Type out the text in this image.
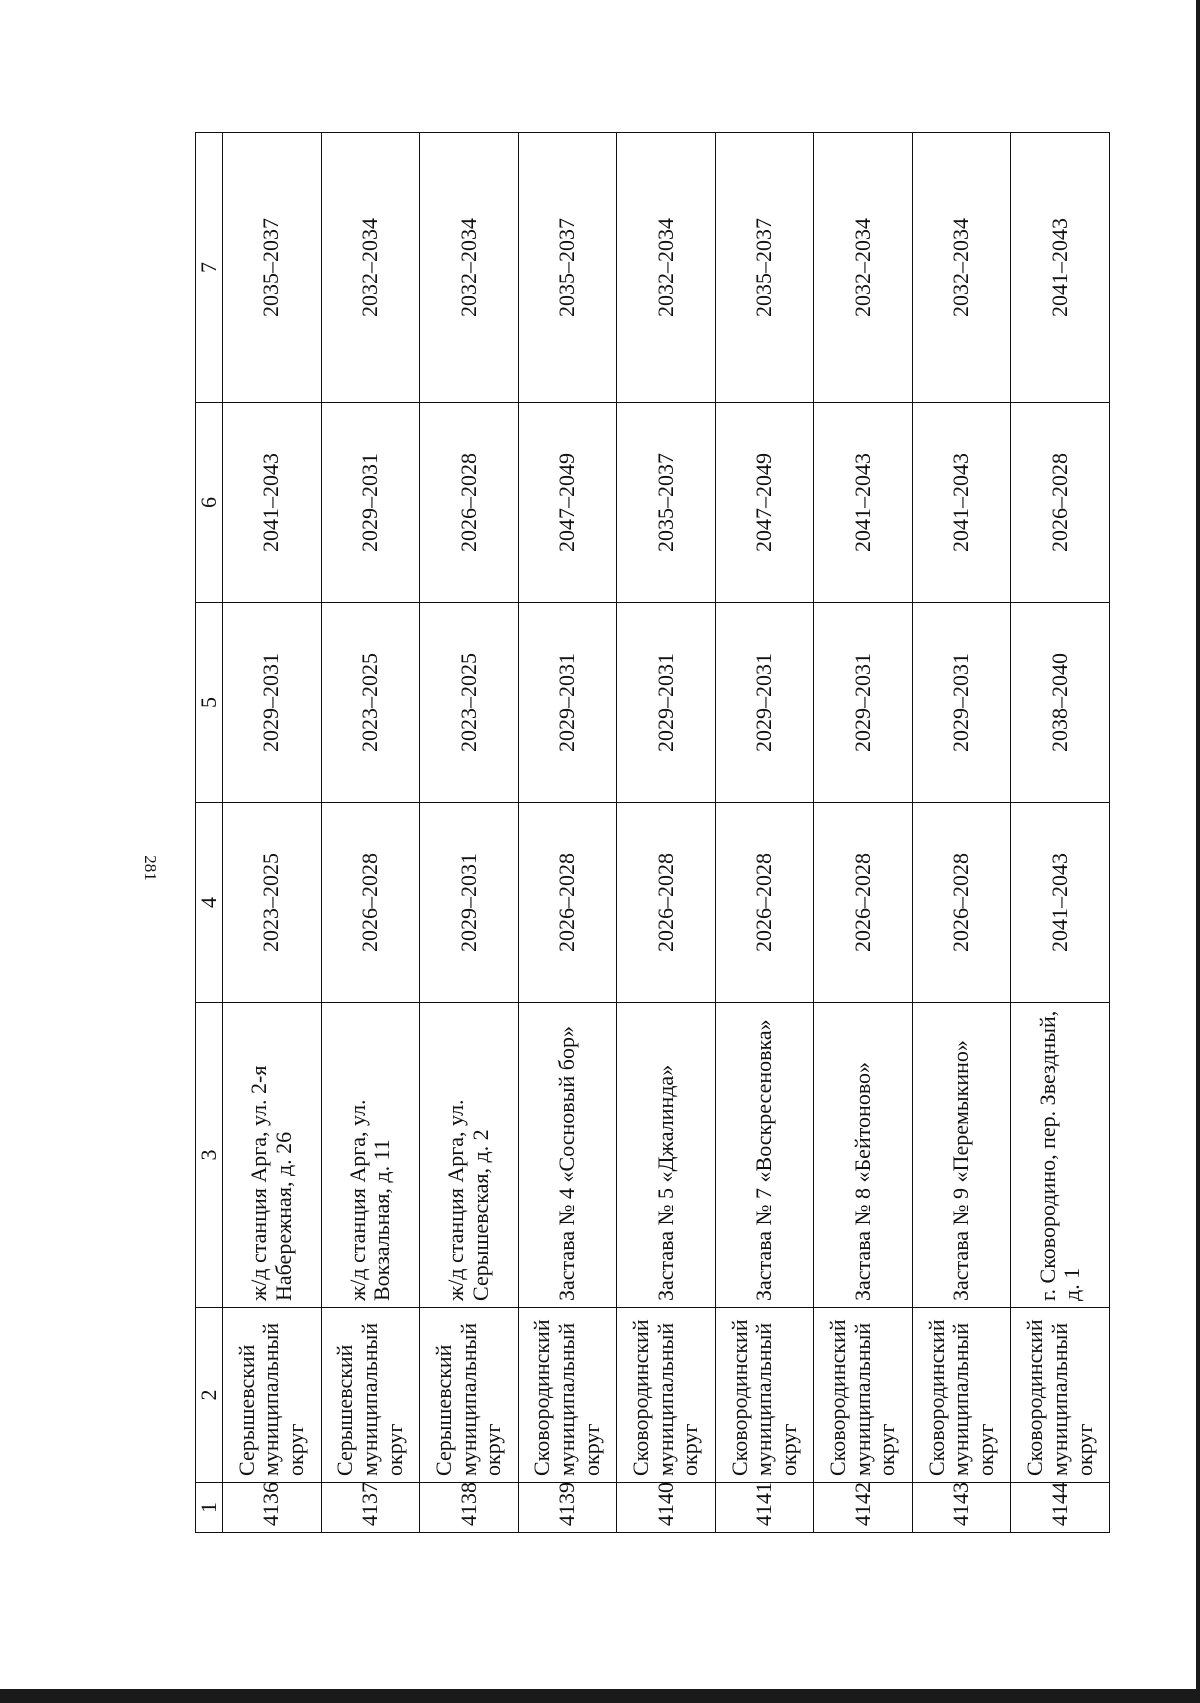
281
1	2	3	4	5	6	7
4136	Серышевский муниципальный округ	ж/д станция Арга, ул. 2-я Набережная, д. 26	2023–2025	2029–2031	2041–2043	2035–2037
4137	Серышевский муниципальный округ	ж/д станция Арга, ул. Вокзальная, д. 11	2026–2028	2023–2025	2029–2031	2032–2034
4138	Серышевский муниципальный округ	ж/д станция Арга, ул. Серышевская, д. 2	2029–2031	2023–2025	2026–2028	2032–2034
4139	Сковородинский муниципальный округ	Застава № 4 «Сосновый бор»	2026–2028	2029–2031	2047–2049	2035–2037
4140	Сковородинский муниципальный округ	Застава № 5 «Джалинда»	2026–2028	2029–2031	2035–2037	2032–2034
4141	Сковородинский муниципальный округ	Застава № 7 «Воскресеновка»	2026–2028	2029–2031	2047–2049	2035–2037
4142	Сковородинский муниципальный округ	Застава № 8 «Бейтоново»	2026–2028	2029–2031	2041–2043	2032–2034
4143	Сковородинский муниципальный округ	Застава № 9 «Перемыкино»	2026–2028	2029–2031	2041–2043	2032–2034
4144	Сковородинский муниципальный округ	г. Сковородино, пер. Звездный, д. 1	2041–2043	2038–2040	2026–2028	2041–2043
